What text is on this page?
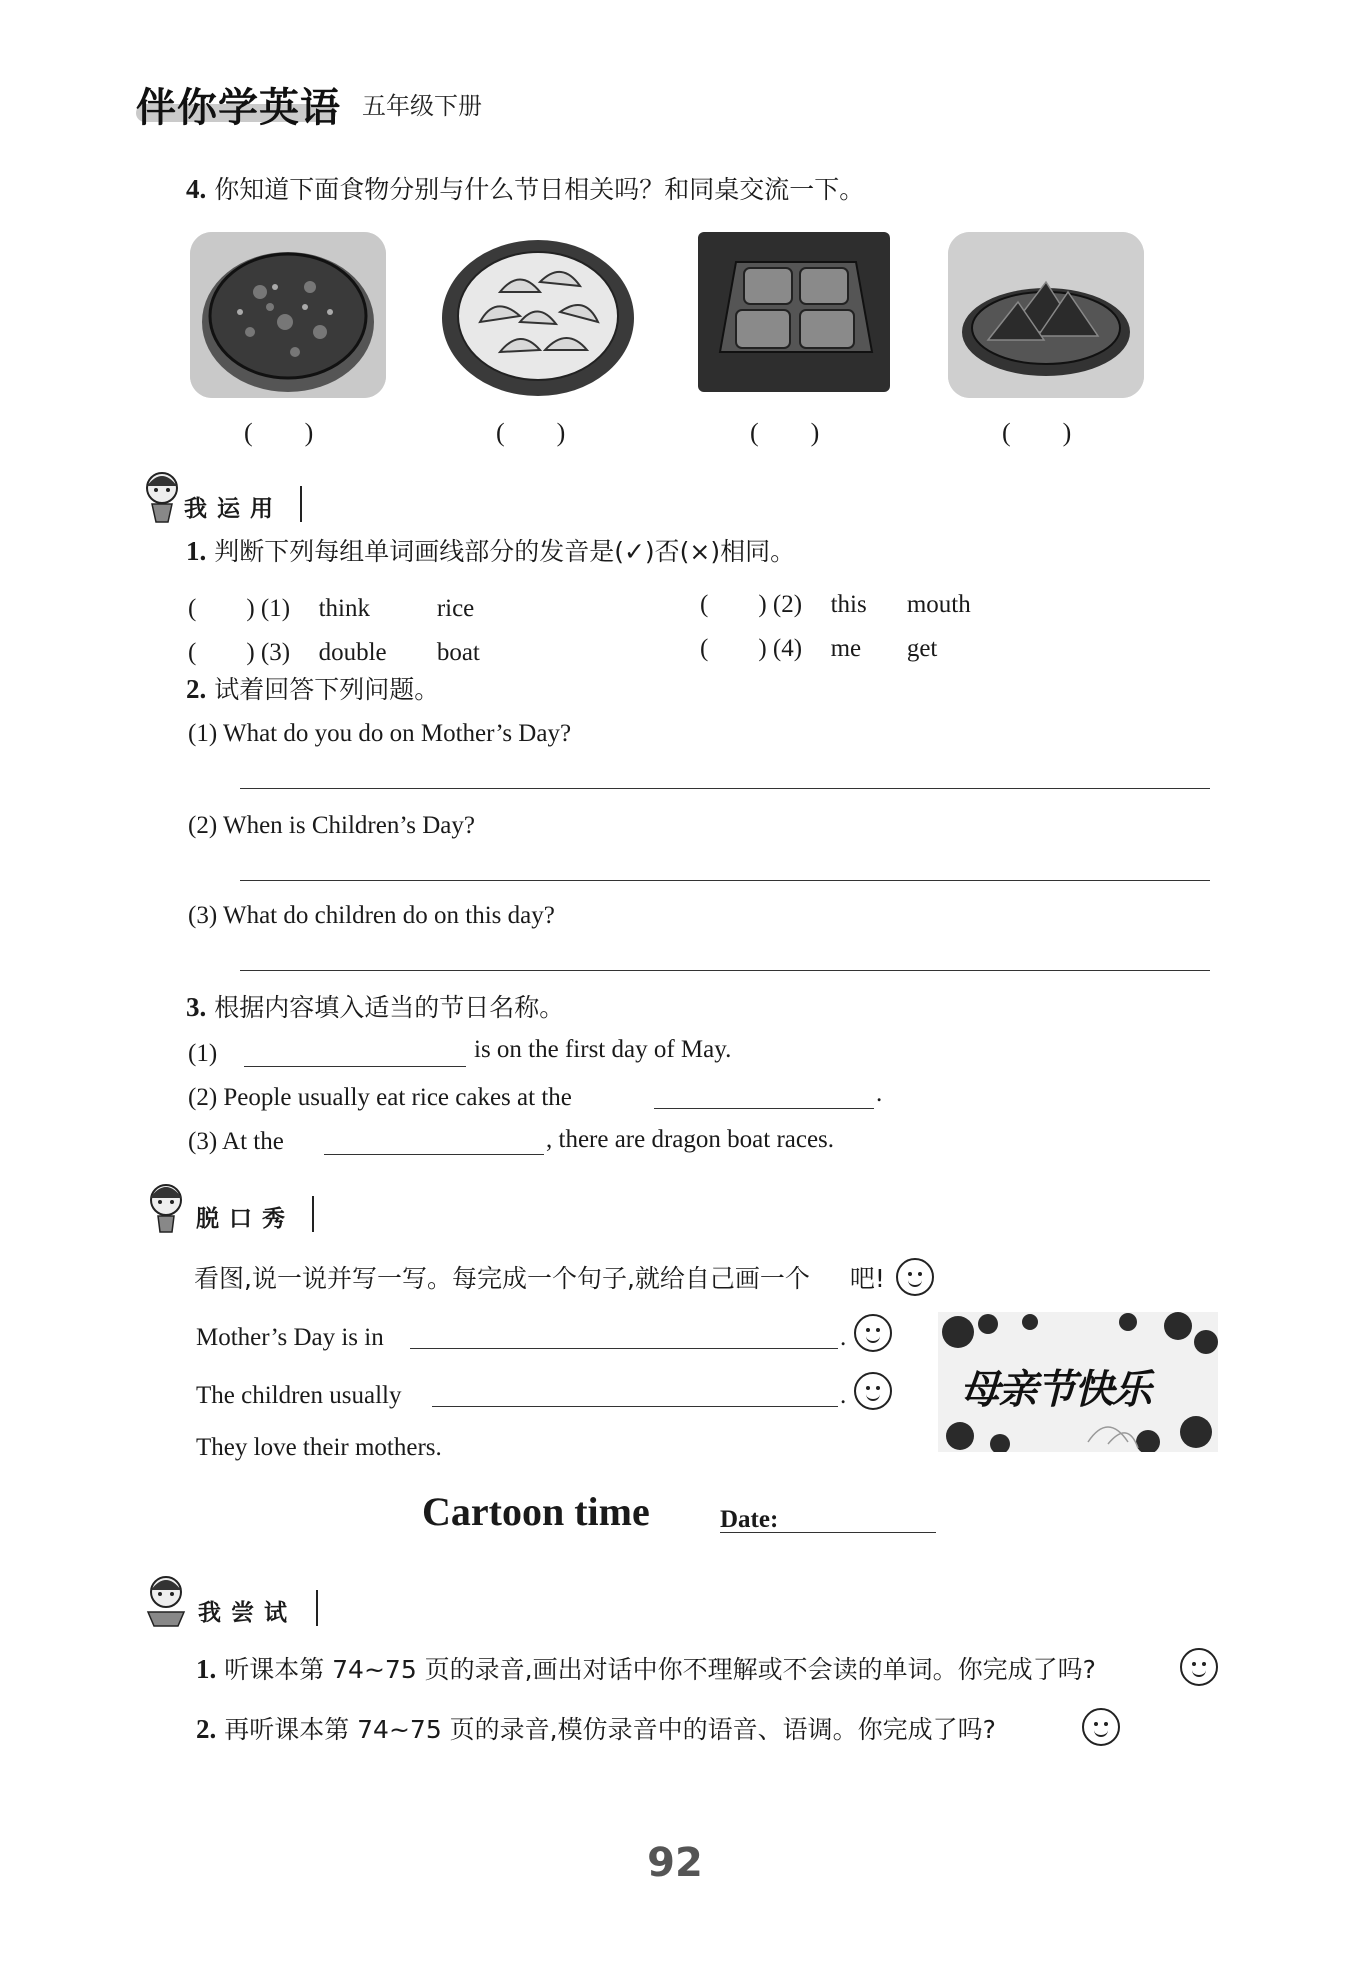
伴你学英语 五年级下册
4. 你知道下面食物分别与什么节日相关吗？和同桌交流一下。
(　　)	(　　)	(　　)	(　　)
我运用
1. 判断下列每组单词画线部分的发音是(✓)否(×)相同。
(　　) (1) think	rice	(　　) (2) this mouth
(　　) (3) double boat	(　　) (4) me get
2. 试着回答下列问题。
(1) What do you do on Mother’s Day?
(2) When is Children’s Day?
(3) What do children do on this day?
3. 根据内容填入适当的节日名称。
(1)	is on the first day of May.
(2) People usually eat rice cakes at the	.
(3) At the	, there are dragon boat races.
脱口秀
看图,说一说并写一写。每完成一个句子,就给自己画一个 吧!
Mother’s Day is in	.
The children usually	.
They love their mothers.
母亲节快乐
Cartoon time	Date:
我尝试
1. 听课本第 74~75 页的录音,画出对话中你不理解或不会读的单词。你完成了吗?
2. 再听课本第 74~75 页的录音,模仿录音中的语音、语调。你完成了吗?
92
